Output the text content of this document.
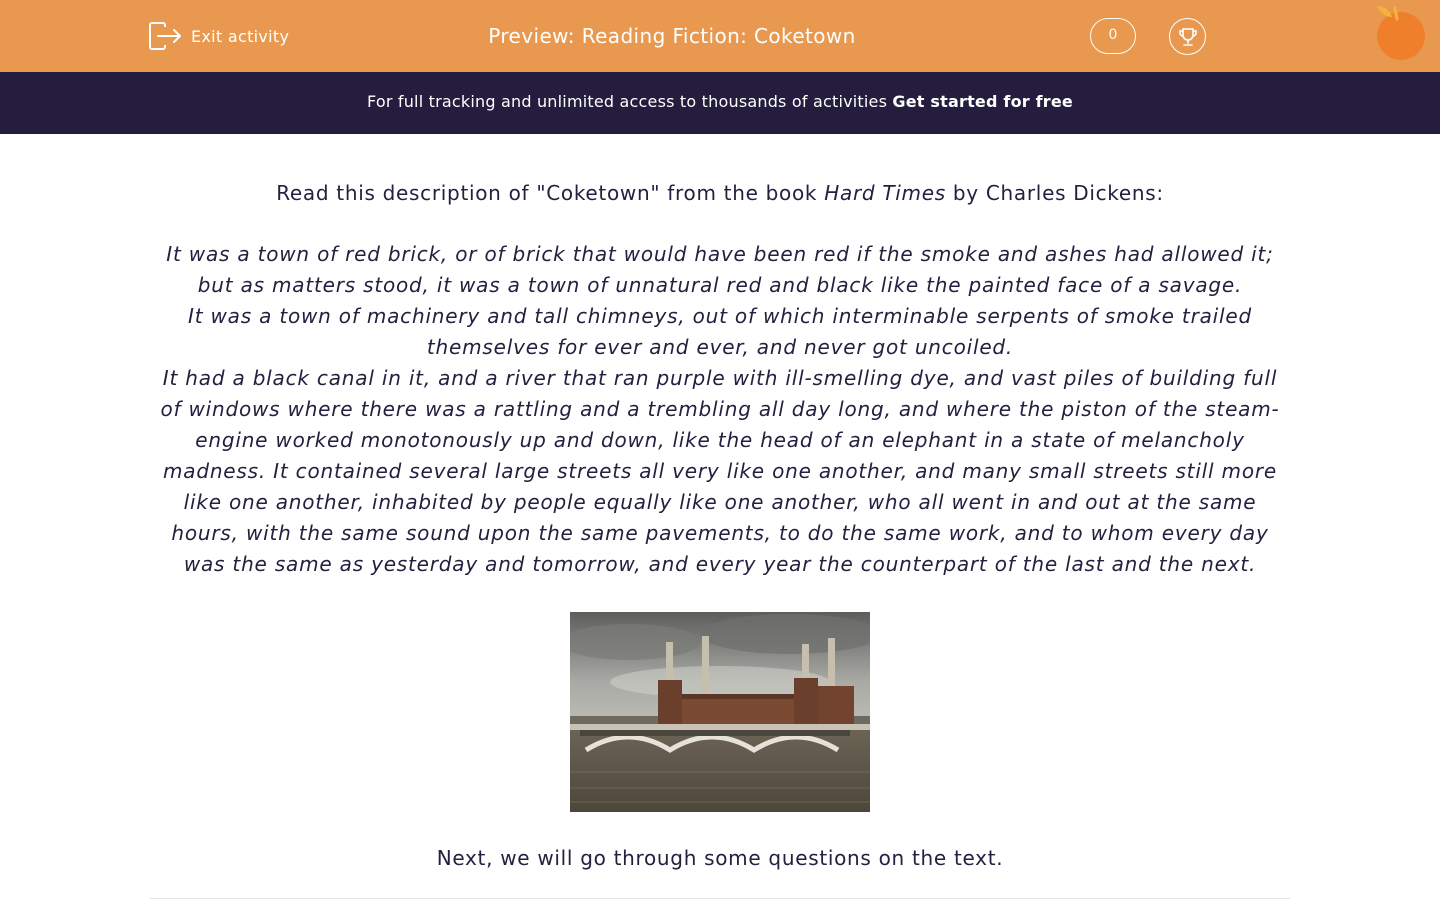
Exit activity	Preview: Reading Fiction: Coketown	0
For full tracking and unlimited access to thousands of activities Get started for free
Read this description of "Coketown" from the book Hard Times by Charles Dickens:

It was a town of red brick, or of brick that would have been red if the smoke and ashes had allowed it; but as matters stood, it was a town of unnatural red and black like the painted face of a savage.

It was a town of machinery and tall chimneys, out of which interminable serpents of smoke trailed themselves for ever and ever, and never got uncoiled.

It had a black canal in it, and a river that ran purple with ill-smelling dye, and vast piles of building full of windows where there was a rattling and a trembling all day long, and where the piston of the steam-engine worked monotonously up and down, like the head of an elephant in a state of melancholy madness. It contained several large streets all very like one another, and many small streets still more like one another, inhabited by people equally like one another, who all went in and out at the same hours, with the same sound upon the same pavements, to do the same work, and to whom every day was the same as yesterday and tomorrow, and every year the counterpart of the last and the next.

Next, we will go through some questions on the text.
